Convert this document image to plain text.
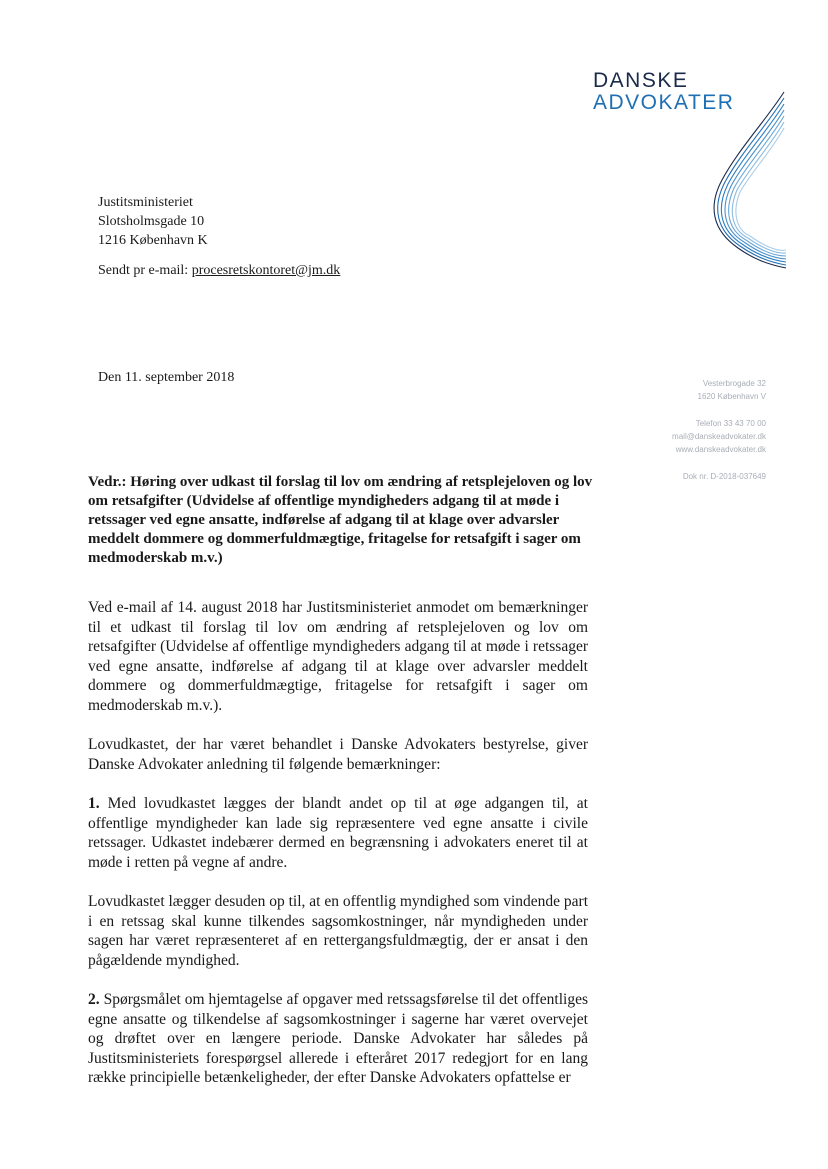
DANSKE
ADVOKATER
Justitsministeriet
Slotsholmsgade 10
1216 København K
Sendt pr e-mail: procesretskontoret@jm.dk
Den 11. september 2018	Vesterbrogade 32
1620 København V
Telefon 33 43 70 00
mail@danskeadvokater.dk
www.danskeadvokater.dk
Dok nr. D-2018-037649
Vedr.: Høring over udkast til forslag til lov om ændring af retsplejeloven og lov om retsafgifter (Udvidelse af offentlige myndigheders adgang til at møde i retssager ved egne ansatte, indførelse af adgang til at klage over advarsler meddelt dommere og dommerfuldmægtige, fritagelse for retsafgift i sager om medmoderskab m.v.)

Ved e-mail af 14. august 2018 har Justitsministeriet anmodet om bemærkninger til et udkast til forslag til lov om ændring af retsplejeloven og lov om retsafgifter (Udvidelse af offentlige myndigheders adgang til at møde i retssager ved egne ansatte, indførelse af adgang til at klage over advarsler meddelt dommere og dommerfuldmægtige, fritagelse for retsafgift i sager om medmoderskab m.v.).

Lovudkastet, der har været behandlet i Danske Advokaters bestyrelse, giver Danske Advokater anledning til følgende bemærkninger:

1. Med lovudkastet lægges der blandt andet op til at øge adgangen til, at offentlige myndigheder kan lade sig repræsentere ved egne ansatte i civile retssager. Udkastet indebærer dermed en begrænsning i advokaters eneret til at møde i retten på vegne af andre.

Lovudkastet lægger desuden op til, at en offentlig myndighed som vindende part i en retssag skal kunne tilkendes sagsomkostninger, når myndigheden under sagen har været repræsenteret af en rettergangsfuldmægtig, der er ansat i den pågældende myndighed.

2. Spørgsmålet om hjemtagelse af opgaver med retssagsførelse til det offentliges egne ansatte og tilkendelse af sagsomkostninger i sagerne har været overvejet og drøftet over en længere periode. Danske Advokater har således på Justitsministeriets forespørgsel allerede i efteråret 2017 redegjort for en lang række principielle betænkeligheder, der efter Danske Advokaters opfattelse er
